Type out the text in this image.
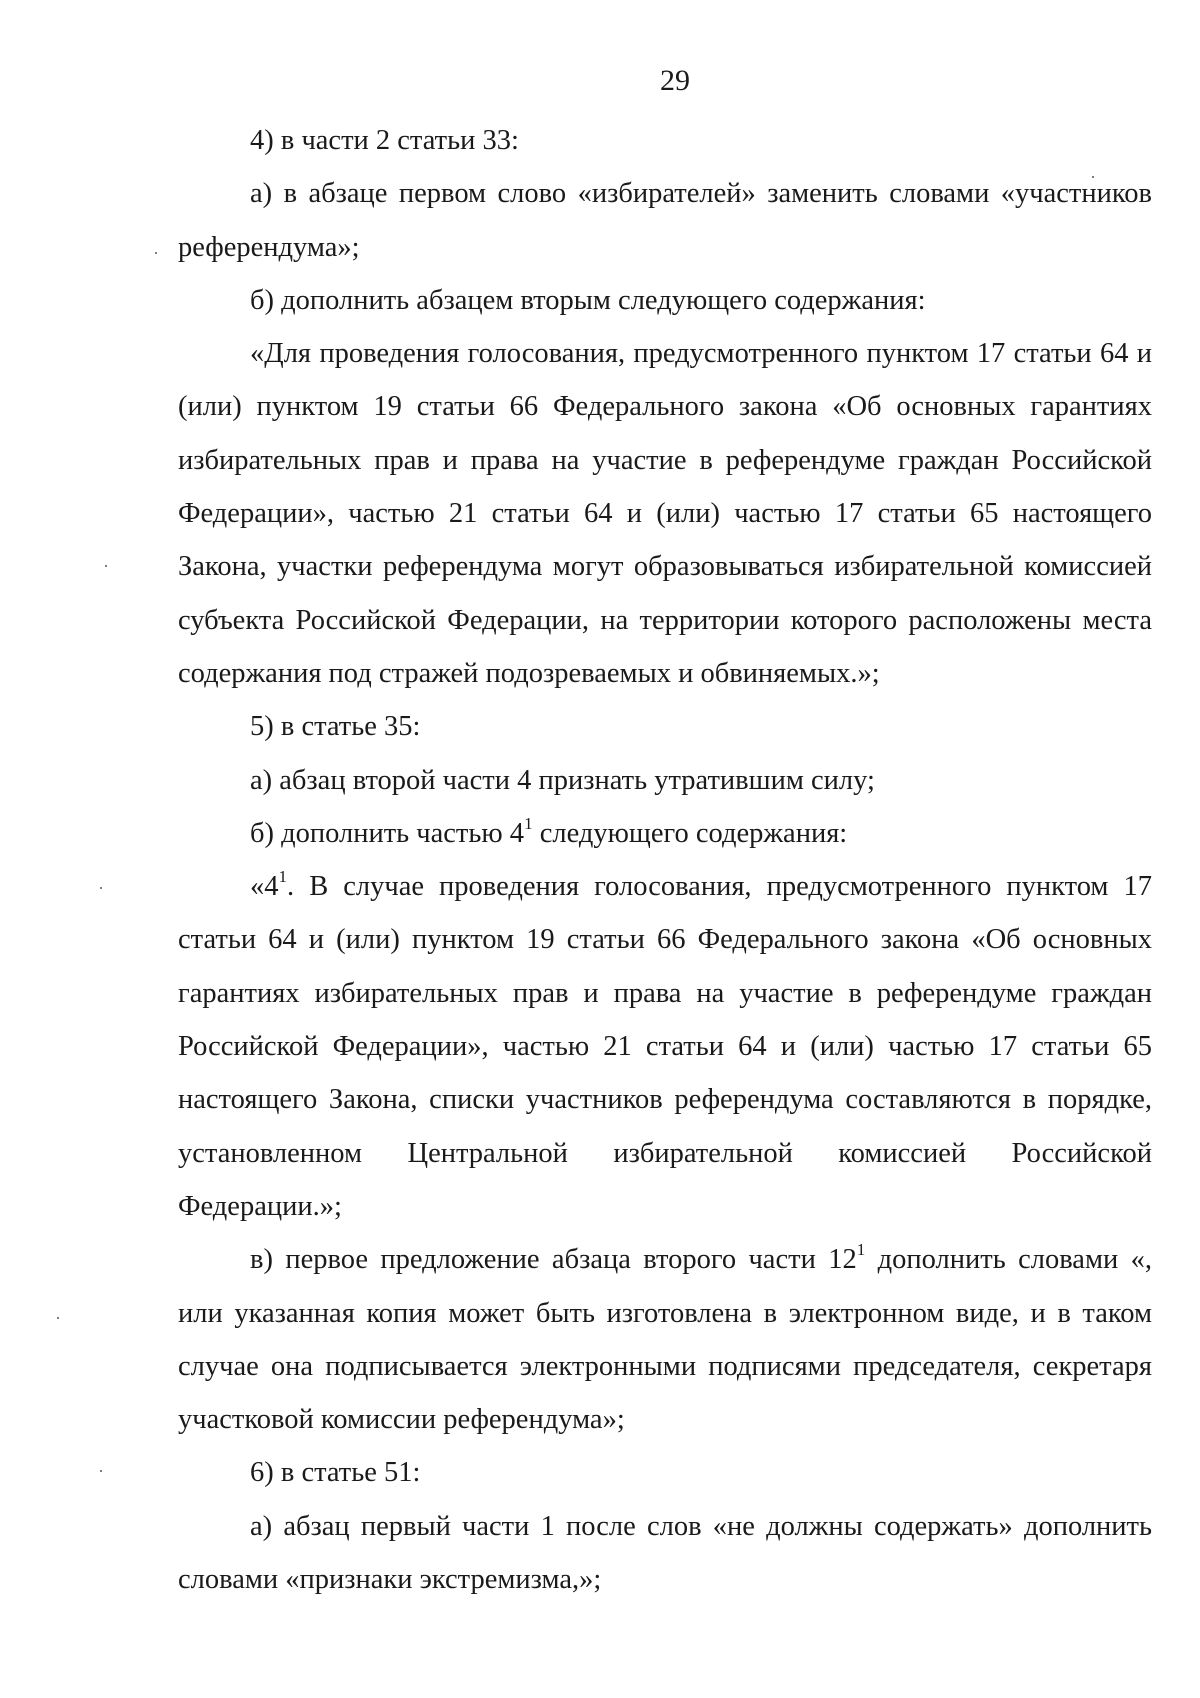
29

4) в части 2 статьи 33:

а) в абзаце первом слово «избирателей» заменить словами «участников референдума»;

б) дополнить абзацем вторым следующего содержания:

«Для проведения голосования, предусмотренного пунктом 17 статьи 64 и (или) пунктом 19 статьи 66 Федерального закона «Об основных гарантиях избирательных прав и права на участие в референдуме граждан Российской Федерации», частью 21 статьи 64 и (или) частью 17 статьи 65 настоящего Закона, участки референдума могут образовываться избирательной комиссией субъекта Российской Федерации, на территории которого расположены места содержания под стражей подозреваемых и обвиняемых.»;

5) в статье 35:

а) абзац второй части 4 признать утратившим силу;

б) дополнить частью $4^1$ следующего содержания:

«$4^1$. В случае проведения голосования, предусмотренного пунктом 17 статьи 64 и (или) пунктом 19 статьи 66 Федерального закона «Об основных гарантиях избирательных прав и права на участие в референдуме граждан Российской Федерации», частью 21 статьи 64 и (или) частью 17 статьи 65 настоящего Закона, списки участников референдума составляются в порядке, установленном Центральной избирательной комиссией Российской Федерации.»;

в) первое предложение абзаца второго части $12^1$ дополнить словами «, или указанная копия может быть изготовлена в электронном виде, и в таком случае она подписывается электронными подписями председателя, секретаря участковой комиссии референдума»;

6) в статье 51:

а) абзац первый части 1 после слов «не должны содержать» дополнить словами «признаки экстремизма,»;
